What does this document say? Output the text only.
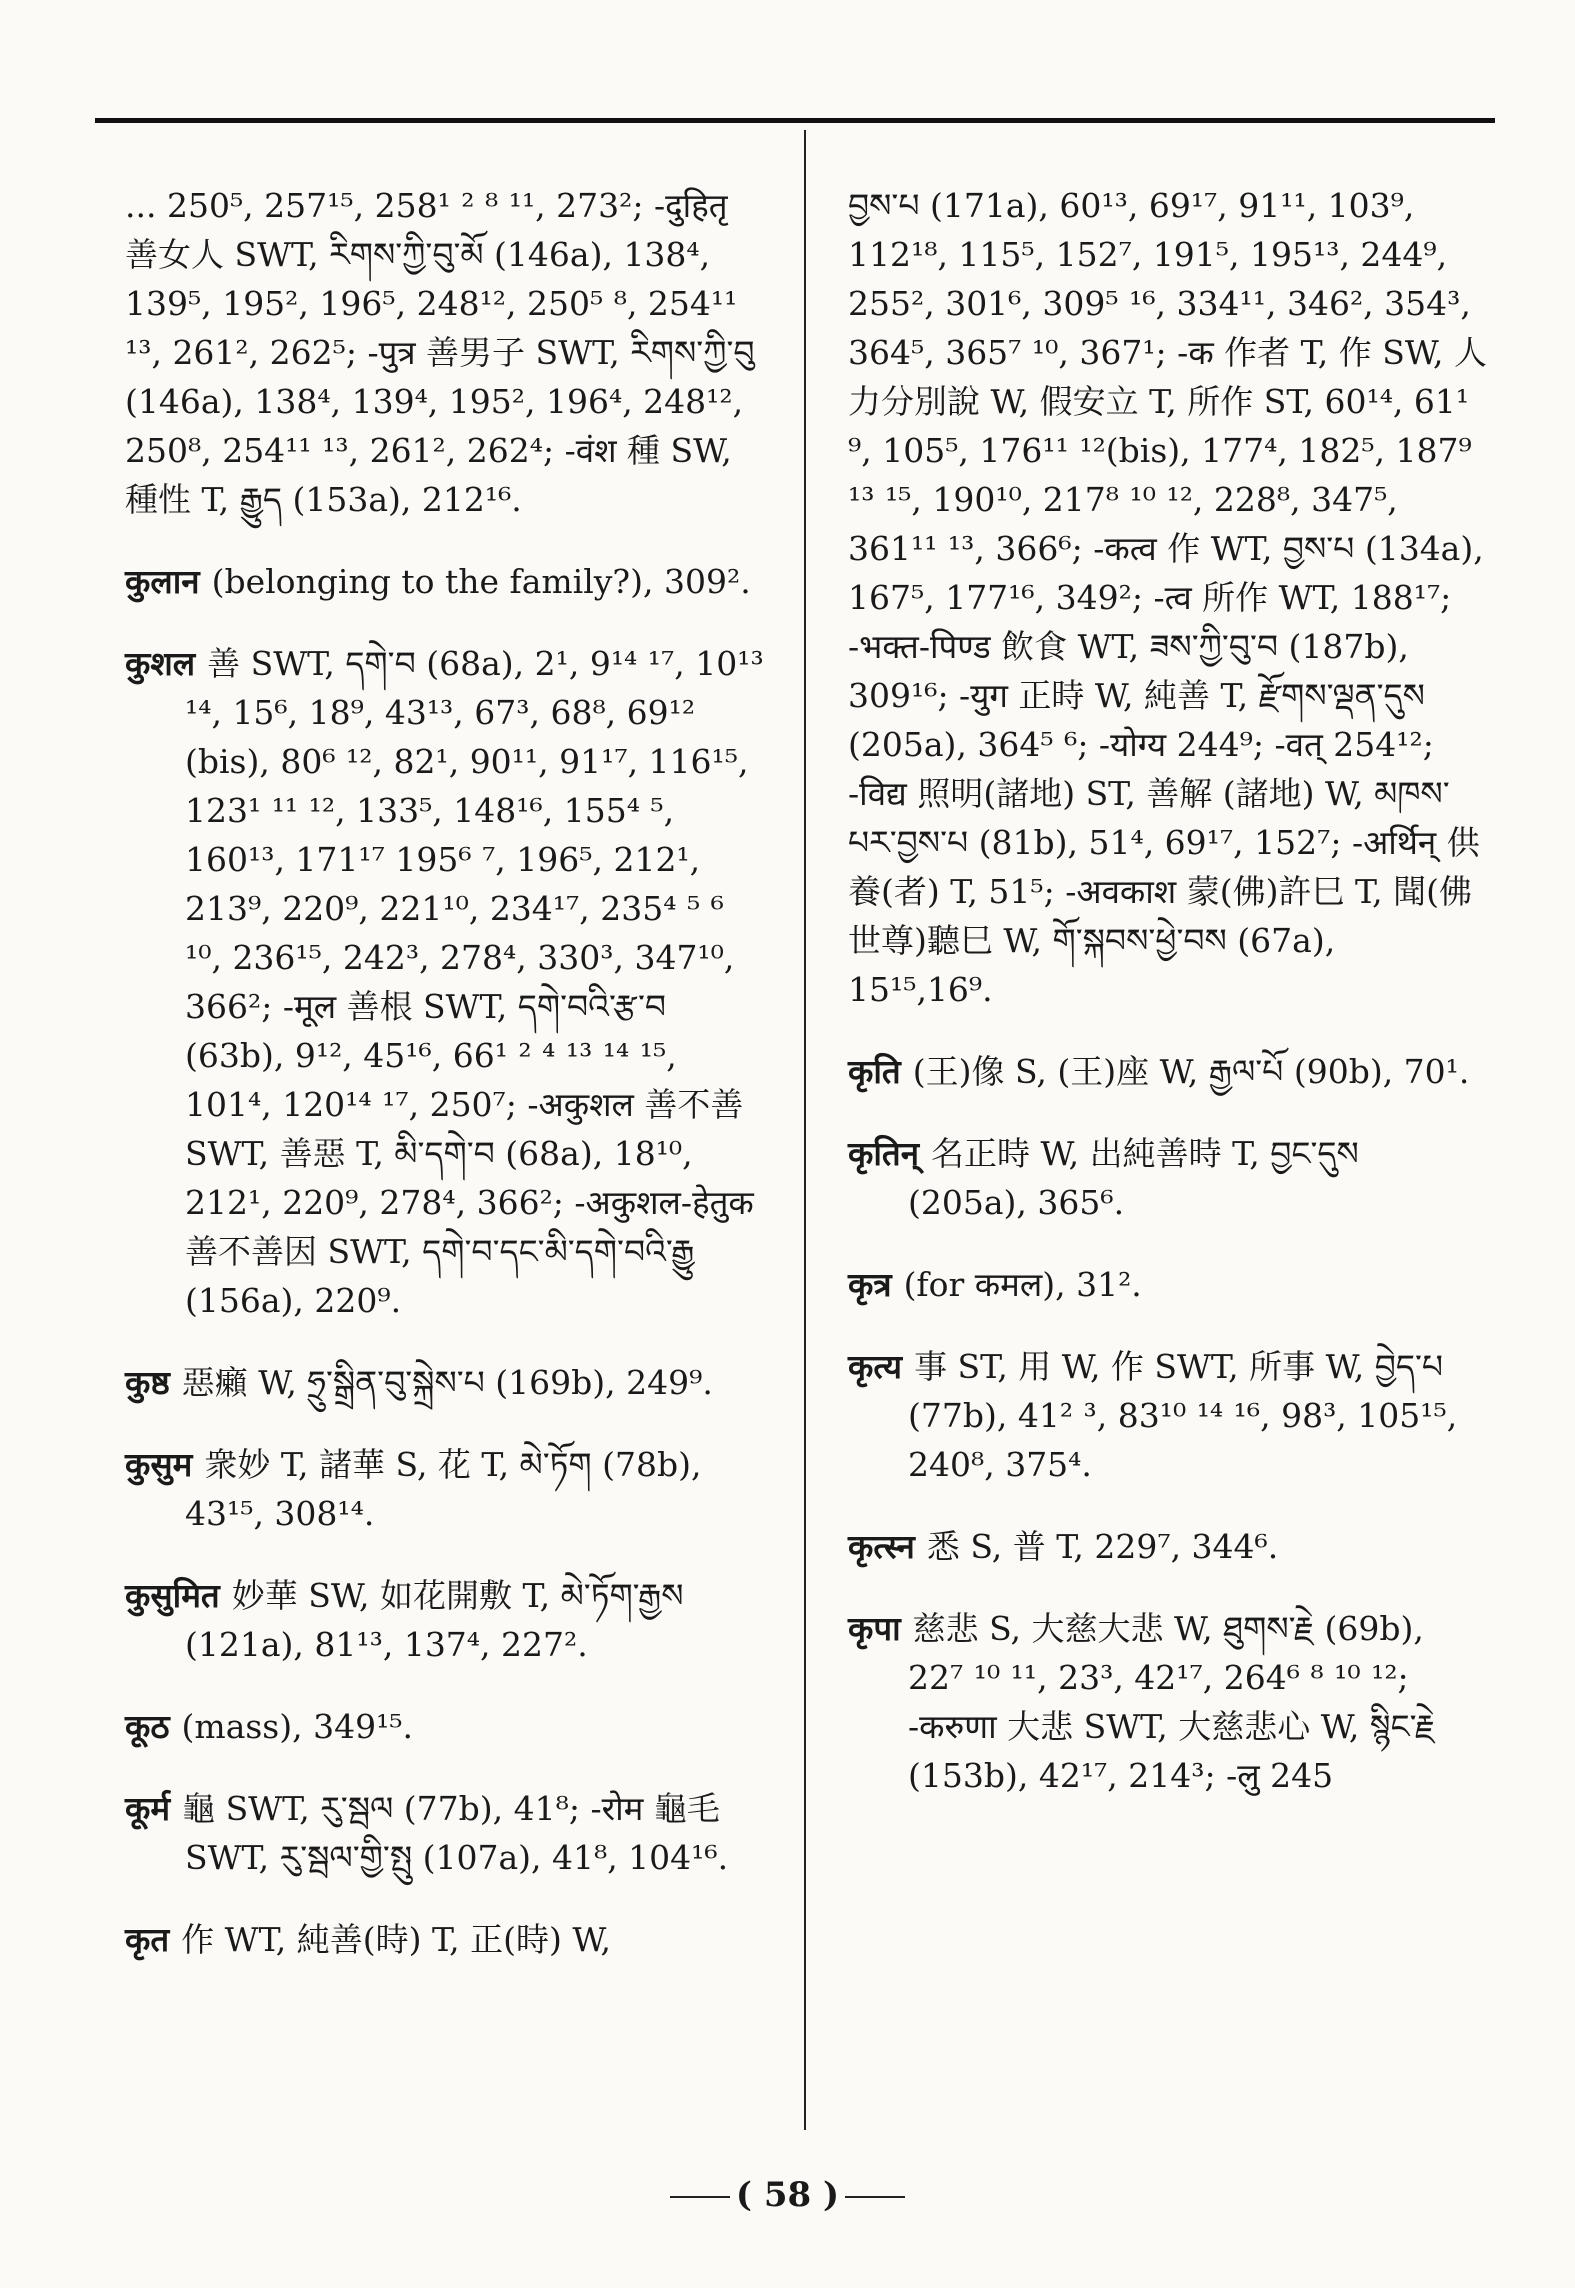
... 250⁵, 257¹⁵, 258¹ ² ⁸ ¹¹, 273²; -दुहितृ 善女人 SWT, རིགས་ཀྱི་བུ་མོ (146a), 138⁴, 139⁵, 195², 196⁵, 248¹², 250⁵ ⁸, 254¹¹ ¹³, 261², 262⁵; -पुत्र 善男子 SWT, རིགས་ཀྱི་བུ (146a), 138⁴, 139⁴, 195², 196⁴, 248¹², 250⁸, 254¹¹ ¹³, 261², 262⁴; -वंश 種 SW, 種性 T, རྒྱུད (153a), 212¹⁶.

कुलान (belonging to the family?), 309².

कुशल 善 SWT, དགེ་བ (68a), 2¹, 9¹⁴ ¹⁷, 10¹³ ¹⁴, 15⁶, 18⁹, 43¹³, 67³, 68⁸, 69¹² (bis), 80⁶ ¹², 82¹, 90¹¹, 91¹⁷, 116¹⁵, 123¹ ¹¹ ¹², 133⁵, 148¹⁶, 155⁴ ⁵, 160¹³, 171¹⁷ 195⁶ ⁷, 196⁵, 212¹, 213⁹, 220⁹, 221¹⁰, 234¹⁷, 235⁴ ⁵ ⁶ ¹⁰, 236¹⁵, 242³, 278⁴, 330³, 347¹⁰, 366²; -मूल 善根 SWT, དགེ་བའི་རྩ་བ (63b), 9¹², 45¹⁶, 66¹ ² ⁴ ¹³ ¹⁴ ¹⁵, 101⁴, 120¹⁴ ¹⁷, 250⁷; -अकुशल 善不善 SWT, 善惡 T, མི་དགེ་བ (68a), 18¹⁰, 212¹, 220⁹, 278⁴, 366²; -अकुशल-हेतुक 善不善因 SWT, དགེ་བ་དང་མི་དགེ་བའི་རྒྱུ (156a), 220⁹.

कुष्ठ 惡癩 W, ཧྲུ་སྒྲིན་བུ་སྐྲེས་པ (169b), 249⁹.

कुसुम 衆妙 T, 諸華 S, 花 T, མེ་ཏོག (78b), 43¹⁵, 308¹⁴.

कुसुमित 妙華 SW, 如花開敷 T, མེ་ཏོག་རྒྱས (121a), 81¹³, 137⁴, 227².

कूठ (mass), 349¹⁵.

कूर्म 龜 SWT, རུ་སྦལ (77b), 41⁸; -रोम 龜毛 SWT, རུ་སྦལ་གྱི་སྤུ (107a), 41⁸, 104¹⁶.

कृत 作 WT, 純善(時) T, 正(時) W,

བྱས་པ (171a), 60¹³, 69¹⁷, 91¹¹, 103⁹, 112¹⁸, 115⁵, 152⁷, 191⁵, 195¹³, 244⁹, 255², 301⁶, 309⁵ ¹⁶, 334¹¹, 346², 354³, 364⁵, 365⁷ ¹⁰, 367¹; -क 作者 T, 作 SW, 人力分別說 W, 假安立 T, 所作 ST, 60¹⁴, 61¹ ⁹, 105⁵, 176¹¹ ¹²(bis), 177⁴, 182⁵, 187⁹ ¹³ ¹⁵, 190¹⁰, 217⁸ ¹⁰ ¹², 228⁸, 347⁵, 361¹¹ ¹³, 366⁶; -कत्व 作 WT, བྱས་པ (134a), 167⁵, 177¹⁶, 349²; -त्व 所作 WT, 188¹⁷; -भक्त-पिण्ड 飲食 WT, ཟས་ཀྱི་བུ་བ (187b), 309¹⁶; -युग 正時 W, 純善 T, རྫོགས་ལྡན་དུས (205a), 364⁵ ⁶; -योग्य 244⁹; -वत् 254¹²; -विद्य 照明(諸地) ST, 善解 (諸地) W, མཁས་པར་བྱས་པ (81b), 51⁴, 69¹⁷, 152⁷; -अर्थिन् 供養(者) T, 51⁵; -अवकाश 蒙(佛)許巳 T, 聞(佛世尊)聽巳 W, གོ་སྐབས་ཕྱེ་བས (67a), 15¹⁵,16⁹.

कृति (王)像 S, (王)座 W, རྒྱལ་པོ (90b), 70¹.

कृतिन् 名正時 W, 出純善時 T, བྱང་དུས (205a), 365⁶.

कृत्र (for कमल), 31².

कृत्य 事 ST, 用 W, 作 SWT, 所事 W, བྱེད་པ (77b), 41² ³, 83¹⁰ ¹⁴ ¹⁶, 98³, 105¹⁵, 240⁸, 375⁴.

कृत्स्न 悉 S, 普 T, 229⁷, 344⁶.

कृपा 慈悲 S, 大慈大悲 W, ཐུགས་རྗེ (69b), 22⁷ ¹⁰ ¹¹, 23³, 42¹⁷, 264⁶ ⁸ ¹⁰ ¹²; -करुणा 大悲 SWT, 大慈悲心 W, སྙིང་རྗེ (153b), 42¹⁷, 214³; -लु 245

( 58 )
